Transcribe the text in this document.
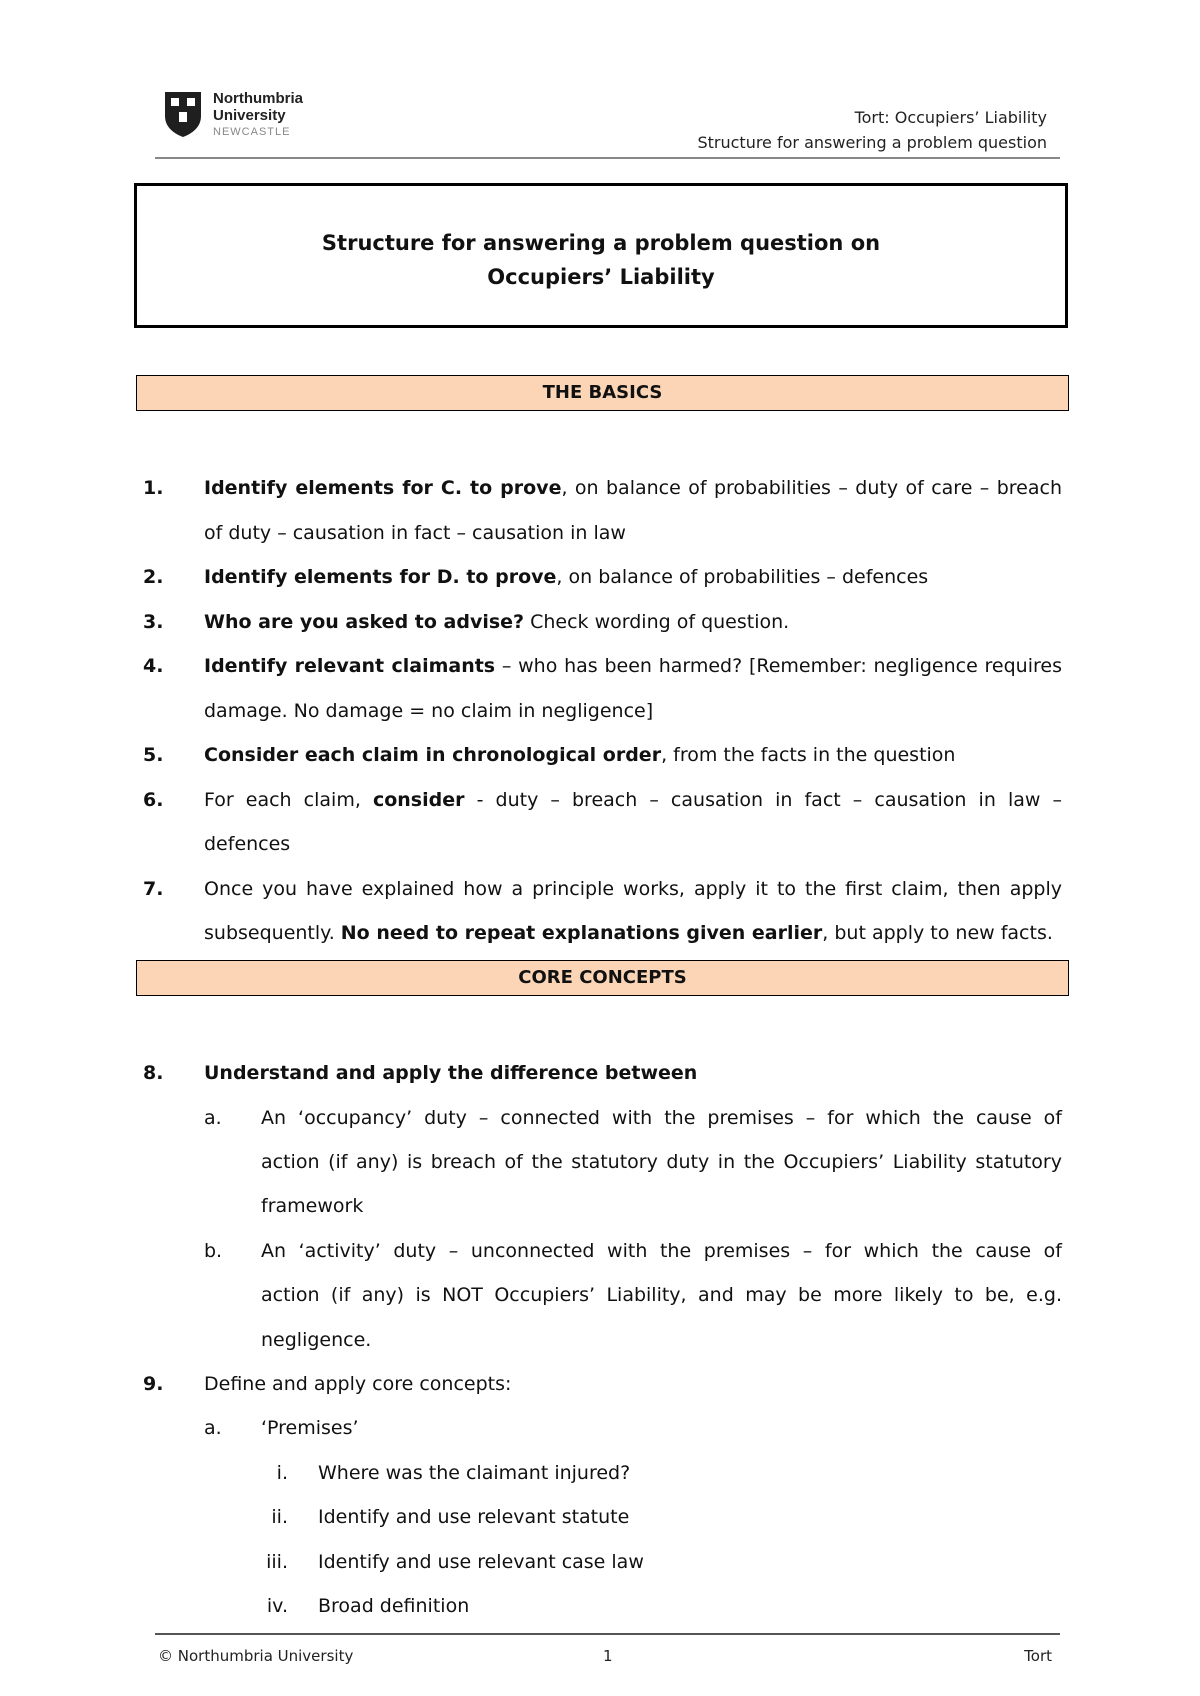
Northumbria
University
NEWCASTLE
Tort: Occupiers’ Liability
Structure for answering a problem question
Structure for answering a problem question on
Occupiers’ Liability
THE BASICS
1. Identify elements for C. to prove, on balance of probabilities – duty of care – breach
of duty – causation in fact – causation in law
2. Identify elements for D. to prove, on balance of probabilities – defences
3. Who are you asked to advise? Check wording of question.
4. Identify relevant claimants – who has been harmed? [Remember: negligence requires
damage. No damage = no claim in negligence]
5. Consider each claim in chronological order, from the facts in the question
6. For each claim, consider - duty – breach – causation in fact – causation in law –
defences
7. Once you have explained how a principle works, apply it to the first claim, then apply
subsequently. No need to repeat explanations given earlier, but apply to new facts.
CORE CONCEPTS
8. Understand and apply the difference between
a. An ‘occupancy’ duty – connected with the premises – for which the cause of
action (if any) is breach of the statutory duty in the Occupiers’ Liability statutory
framework
b. An ‘activity’ duty – unconnected with the premises – for which the cause of
action (if any) is NOT Occupiers’ Liability, and may be more likely to be, e.g.
negligence.
9. Define and apply core concepts:
a. ‘Premises’
i. Where was the claimant injured?
ii. Identify and use relevant statute
iii. Identify and use relevant case law
iv. Broad definition
© Northumbria University	1	Tort
